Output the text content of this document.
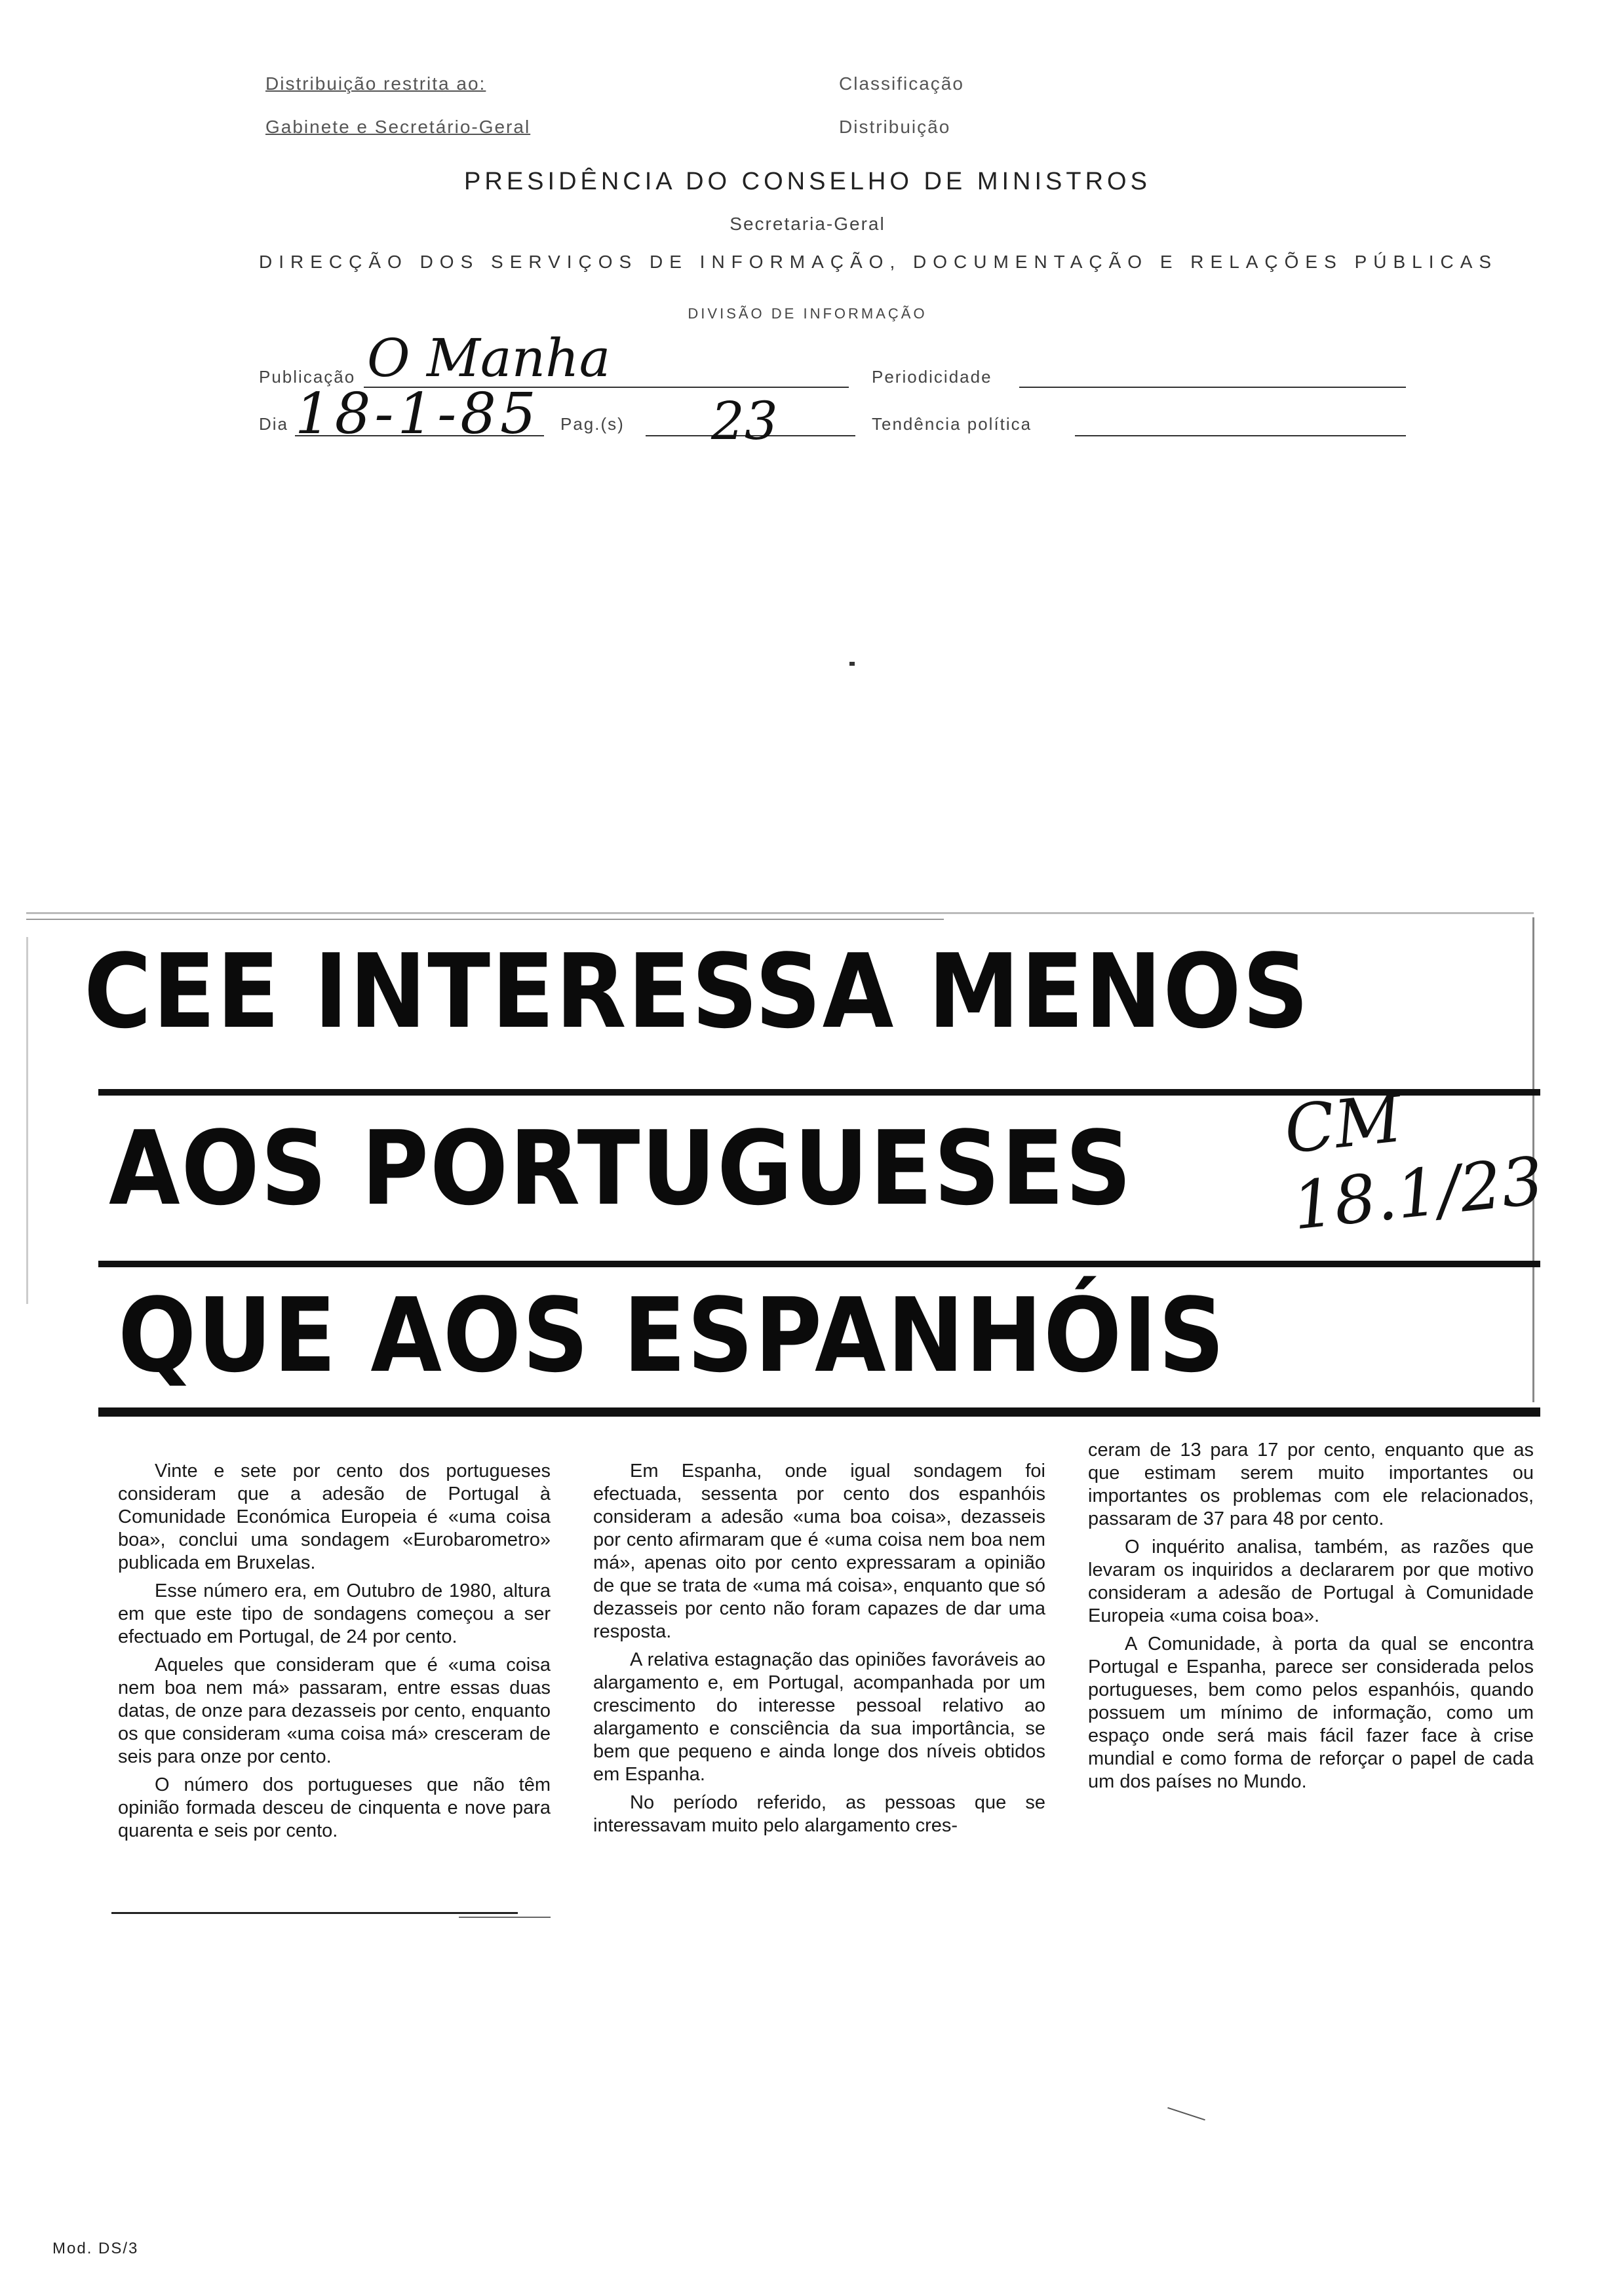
Distribuição restrita ao:
Gabinete e Secretário-Geral
Classificação
Distribuição
PRESIDÊNCIA DO CONSELHO DE MINISTROS
Secretaria-Geral
DIRECÇÃO DOS SERVIÇOS DE INFORMAÇÃO, DOCUMENTAÇÃO E RELAÇÕES PÚBLICAS
DIVISÃO DE INFORMAÇÃO
Publicação O Manha	Periodicidade
Dia 18-1-85 Pag.(s) 23	Tendência política
CEE INTERESSA MENOS
AOS PORTUGUESES
QUE AOS ESPANHÓIS
CM 18.1/23

Vinte e sete por cento dos portugueses consideram que a adesão de Portugal à Comunidade Económica Europeia é «uma coisa boa», conclui uma sondagem «Eurobarometro» publicada em Bruxelas.

Esse número era, em Outubro de 1980, altura em que este tipo de sondagens começou a ser efectuado em Portugal, de 24 por cento.

Aqueles que consideram que é «uma coisa nem boa nem má» passaram, entre essas duas datas, de onze para dezasseis por cento, enquanto os que consideram «uma coisa má» cresceram de seis para onze por cento.

O número dos portugueses que não têm opinião formada desceu de cinquenta e nove para quarenta e seis por cento.

Em Espanha, onde igual sondagem foi efectuada, sessenta por cento dos espanhóis consideram a adesão «uma boa coisa», dezasseis por cento afirmaram que é «uma coisa nem boa nem má», apenas oito por cento expressaram a opinião de que se trata de «uma má coisa», enquanto que só dezasseis por cento não foram capazes de dar uma resposta.

A relativa estagnação das opiniões favoráveis ao alargamento e, em Portugal, acompanhada por um crescimento do interesse pessoal relativo ao alargamento e consciência da sua importância, se bem que pequeno e ainda longe dos níveis obtidos em Espanha.

No período referido, as pessoas que se interessavam muito pelo alargamento cres-

ceram de 13 para 17 por cento, enquanto que as que estimam serem muito importantes ou importantes os problemas com ele relacionados, passaram de 37 para 48 por cento.

O inquérito analisa, também, as razões que levaram os inquiridos a declararem por que motivo consideram a adesão de Portugal à Comunidade Europeia «uma coisa boa».

A Comunidade, à porta da qual se encontra Portugal e Espanha, parece ser considerada pelos portugueses, bem como pelos espanhóis, quando possuem um mínimo de informação, como um espaço onde será mais fácil fazer face à crise mundial e como forma de reforçar o papel de cada um dos países no Mundo.

Mod. DS/3
